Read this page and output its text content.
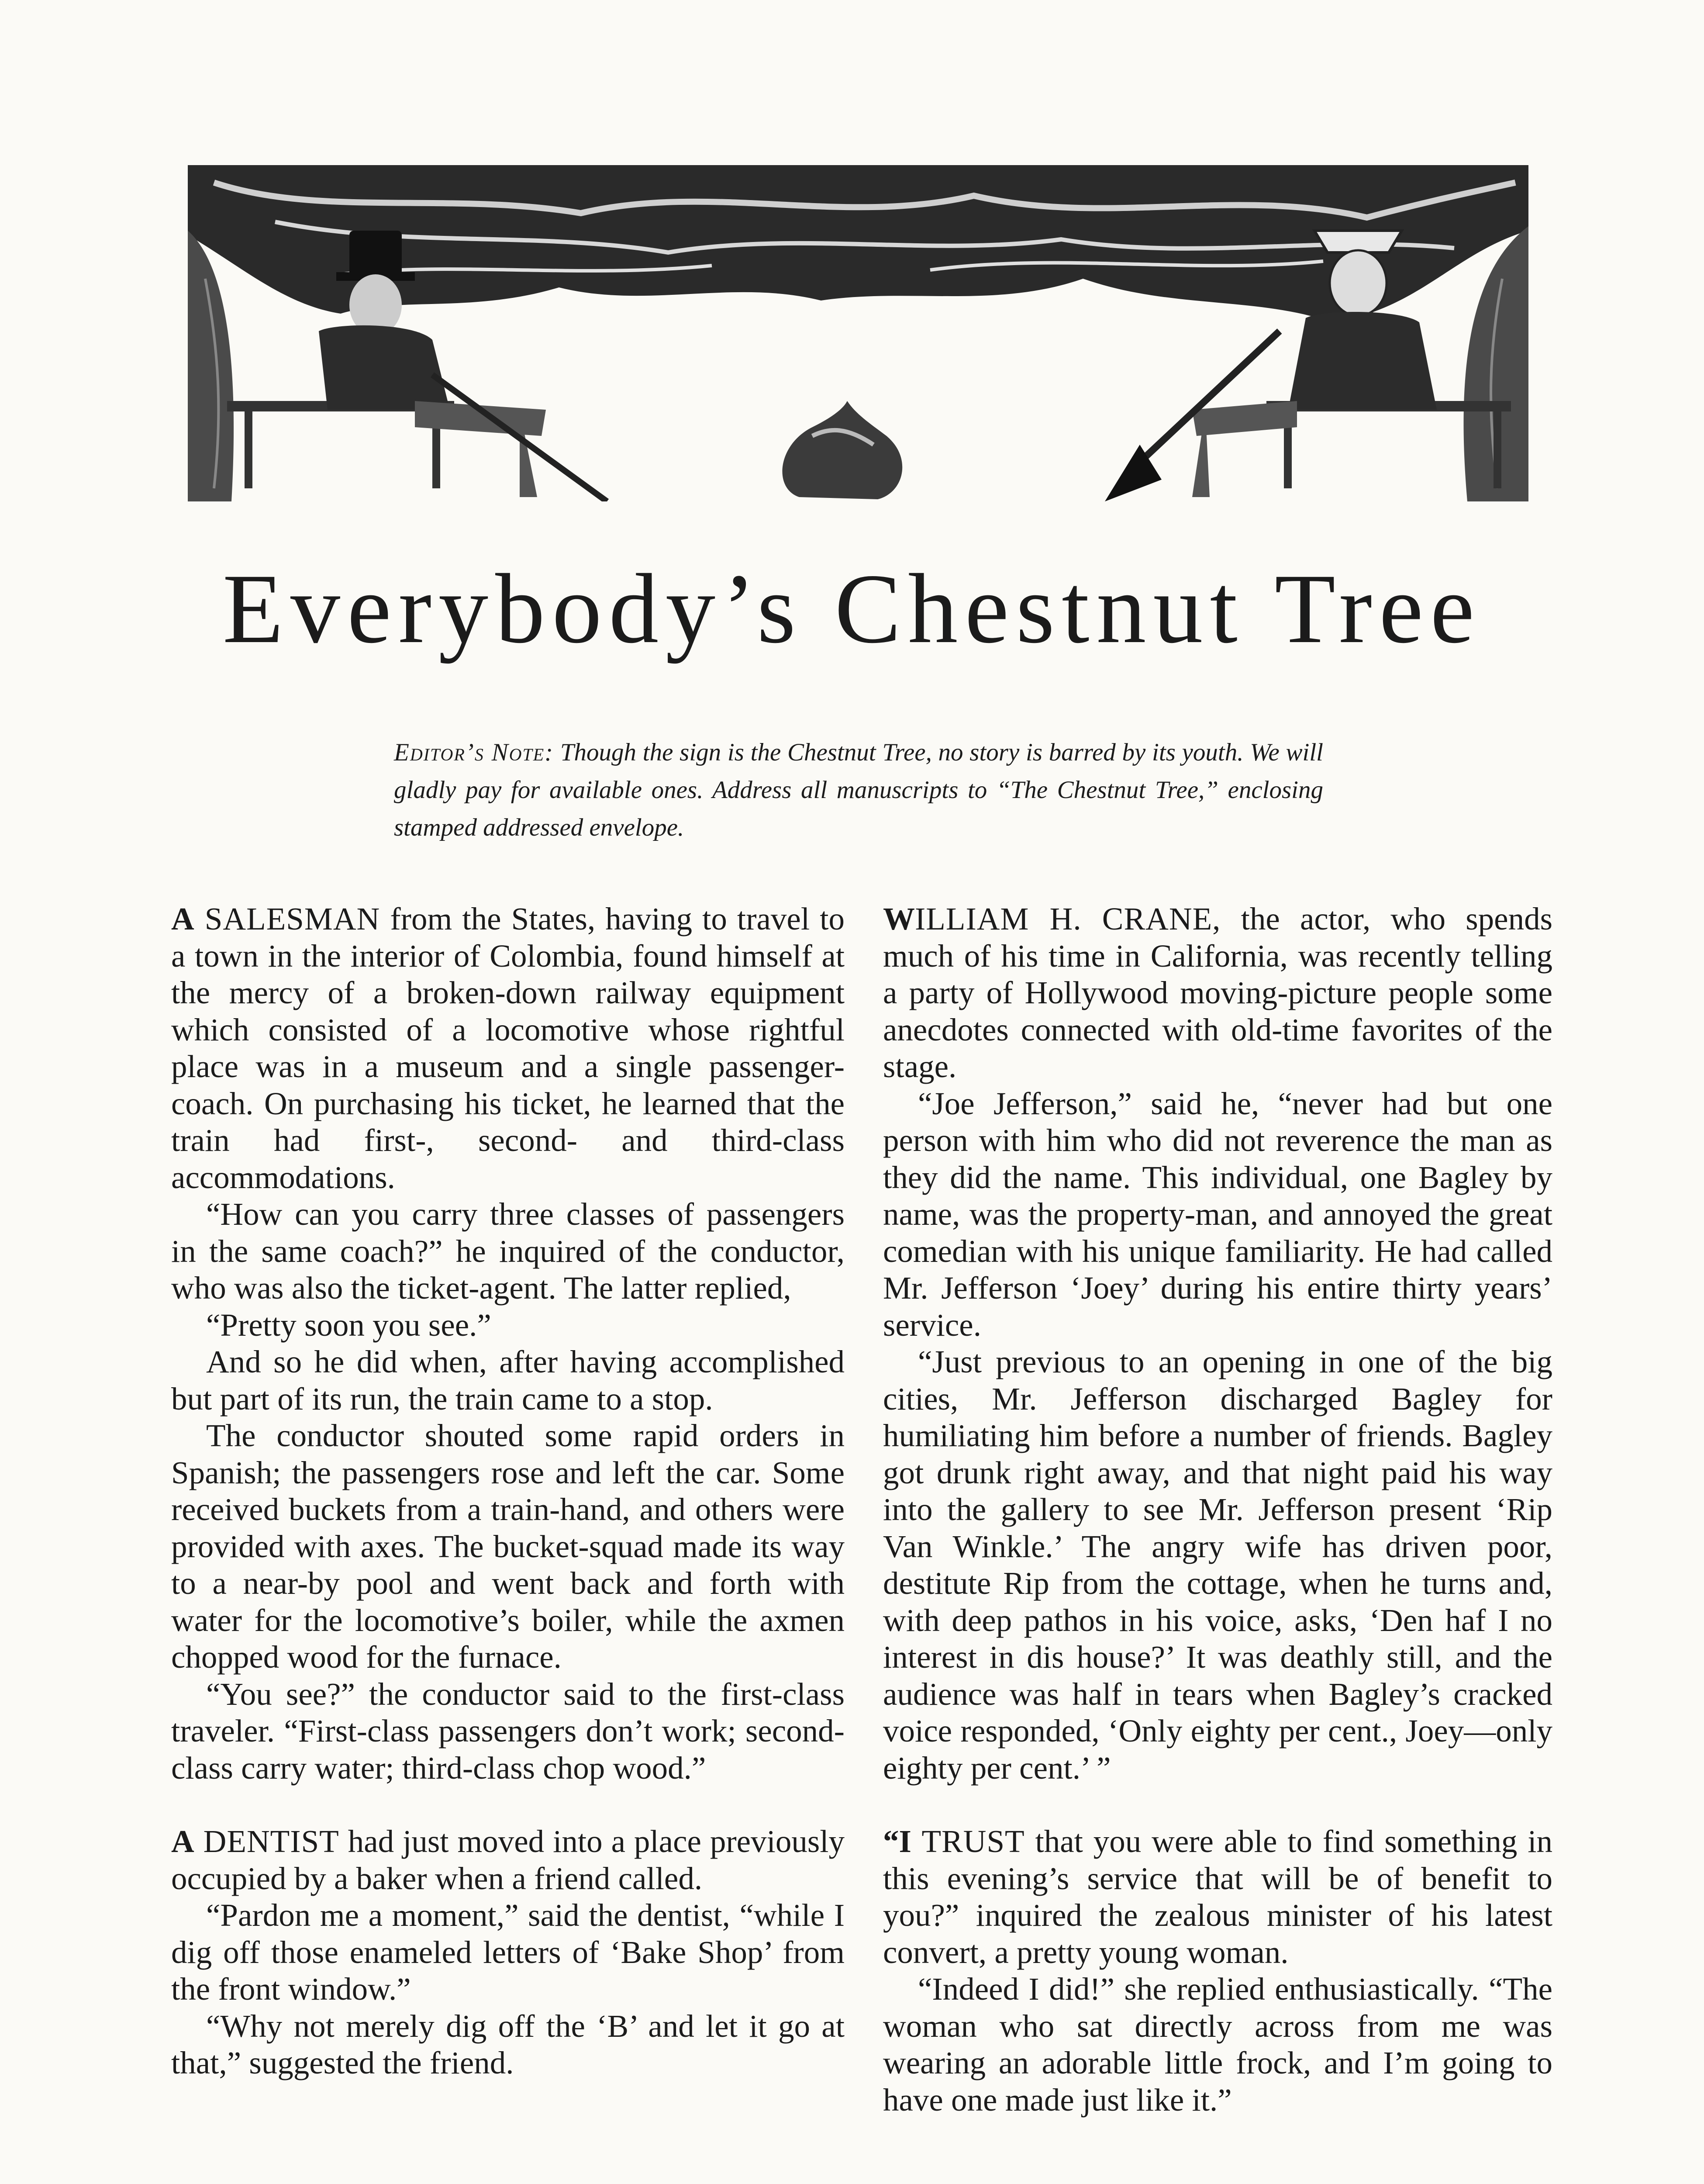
Everybody’s Chestnut Tree
Editor’s Note: Though the sign is the Chestnut Tree, no story is barred by its youth. We will gladly pay for available ones. Address all manuscripts to “The Chestnut Tree,” enclosing stamped addressed envelope.

A SALESMAN from the States, having to travel to a town in the interior of Colombia, found himself at the mercy of a broken-down railway equipment which consisted of a locomotive whose rightful place was in a museum and a single passenger-coach. On purchasing his ticket, he learned that the train had first-, second- and third-class accommodations.

“How can you carry three classes of passengers in the same coach?” he inquired of the conductor, who was also the ticket-agent. The latter replied,

“Pretty soon you see.”

And so he did when, after having accomplished but part of its run, the train came to a stop.

The conductor shouted some rapid orders in Spanish; the passengers rose and left the car. Some received buckets from a train-hand, and others were provided with axes. The bucket-squad made its way to a near-by pool and went back and forth with water for the locomotive’s boiler, while the axmen chopped wood for the furnace.

“You see?” the conductor said to the first-class traveler. “First-class passengers don’t work; second-class carry water; third-class chop wood.”

A DENTIST had just moved into a place previously occupied by a baker when a friend called.

“Pardon me a moment,” said the dentist, “while I dig off those enameled letters of ‘Bake Shop’ from the front window.”

“Why not merely dig off the ‘B’ and let it go at that,” suggested the friend.

WILLIAM H. CRANE, the actor, who spends much of his time in California, was recently telling a party of Hollywood moving-picture people some anecdotes connected with old-time favorites of the stage.

“Joe Jefferson,” said he, “never had but one person with him who did not reverence the man as they did the name. This individual, one Bagley by name, was the property-man, and annoyed the great comedian with his unique familiarity. He had called Mr. Jefferson ‘Joey’ during his entire thirty years’ service.

“Just previous to an opening in one of the big cities, Mr. Jefferson discharged Bagley for humiliating him before a number of friends. Bagley got drunk right away, and that night paid his way into the gallery to see Mr. Jefferson present ‘Rip Van Winkle.’ The angry wife has driven poor, destitute Rip from the cottage, when he turns and, with deep pathos in his voice, asks, ‘Den haf I no interest in dis house?’ It was deathly still, and the audience was half in tears when Bagley’s cracked voice responded, ‘Only eighty per cent., Joey—only eighty per cent.’ ”

“I TRUST that you were able to find something in this evening’s service that will be of benefit to you?” inquired the zealous minister of his latest convert, a pretty young woman.

“Indeed I did!” she replied enthusiastically. “The woman who sat directly across from me was wearing an adorable little frock, and I’m going to have one made just like it.”
